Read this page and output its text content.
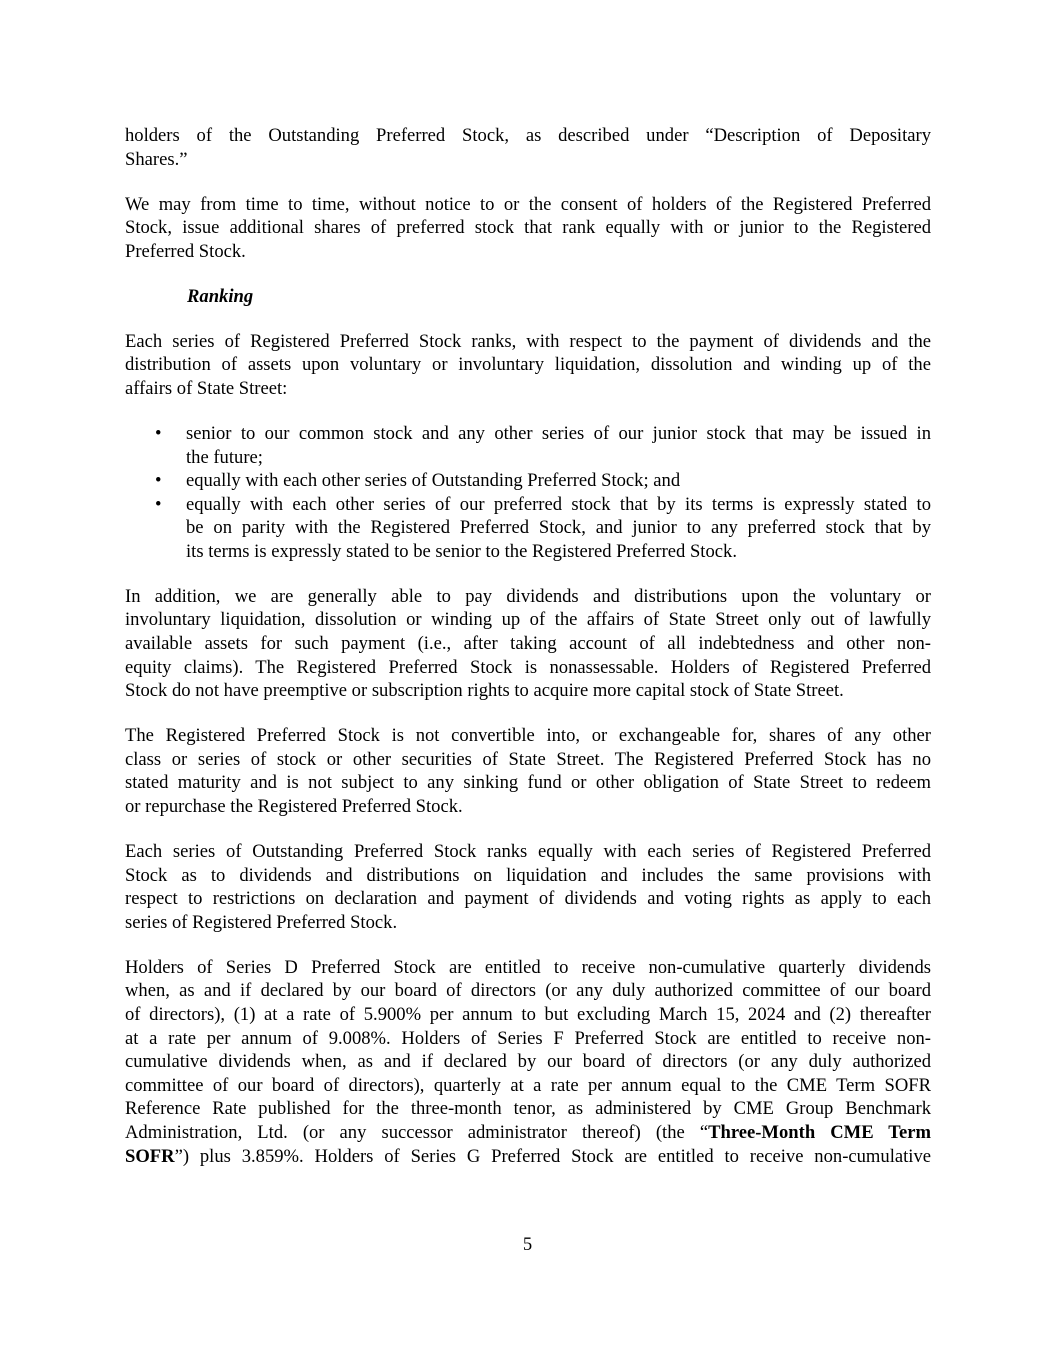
holders of the Outstanding Preferred Stock, as described under “Description of Depositary
Shares.”
We may from time to time, without notice to or the consent of holders of the Registered Preferred
Stock, issue additional shares of preferred stock that rank equally with or junior to the Registered
Preferred Stock.
Ranking
Each series of Registered Preferred Stock ranks, with respect to the payment of dividends and the
distribution of assets upon voluntary or involuntary liquidation, dissolution and winding up of the
affairs of State Street:
• senior to our common stock and any other series of our junior stock that may be issued in
the future;
• equally with each other series of Outstanding Preferred Stock; and
• equally with each other series of our preferred stock that by its terms is expressly stated to
be on parity with the Registered Preferred Stock, and junior to any preferred stock that by
its terms is expressly stated to be senior to the Registered Preferred Stock.
In addition, we are generally able to pay dividends and distributions upon the voluntary or
involuntary liquidation, dissolution or winding up of the affairs of State Street only out of lawfully
available assets for such payment (i.e., after taking account of all indebtedness and other non-
equity claims). The Registered Preferred Stock is nonassessable. Holders of Registered Preferred
Stock do not have preemptive or subscription rights to acquire more capital stock of State Street.
The Registered Preferred Stock is not convertible into, or exchangeable for, shares of any other
class or series of stock or other securities of State Street. The Registered Preferred Stock has no
stated maturity and is not subject to any sinking fund or other obligation of State Street to redeem
or repurchase the Registered Preferred Stock.
Each series of Outstanding Preferred Stock ranks equally with each series of Registered Preferred
Stock as to dividends and distributions on liquidation and includes the same provisions with
respect to restrictions on declaration and payment of dividends and voting rights as apply to each
series of Registered Preferred Stock.
Holders of Series D Preferred Stock are entitled to receive non-cumulative quarterly dividends
when, as and if declared by our board of directors (or any duly authorized committee of our board
of directors), (1) at a rate of 5.900% per annum to but excluding March 15, 2024 and (2) thereafter
at a rate per annum of 9.008%. Holders of Series F Preferred Stock are entitled to receive non-
cumulative dividends when, as and if declared by our board of directors (or any duly authorized
committee of our board of directors), quarterly at a rate per annum equal to the CME Term SOFR
Reference Rate published for the three-month tenor, as administered by CME Group Benchmark
Administration, Ltd. (or any successor administrator thereof) (the “Three-Month CME Term
SOFR”) plus 3.859%. Holders of Series G Preferred Stock are entitled to receive non-cumulative
5
